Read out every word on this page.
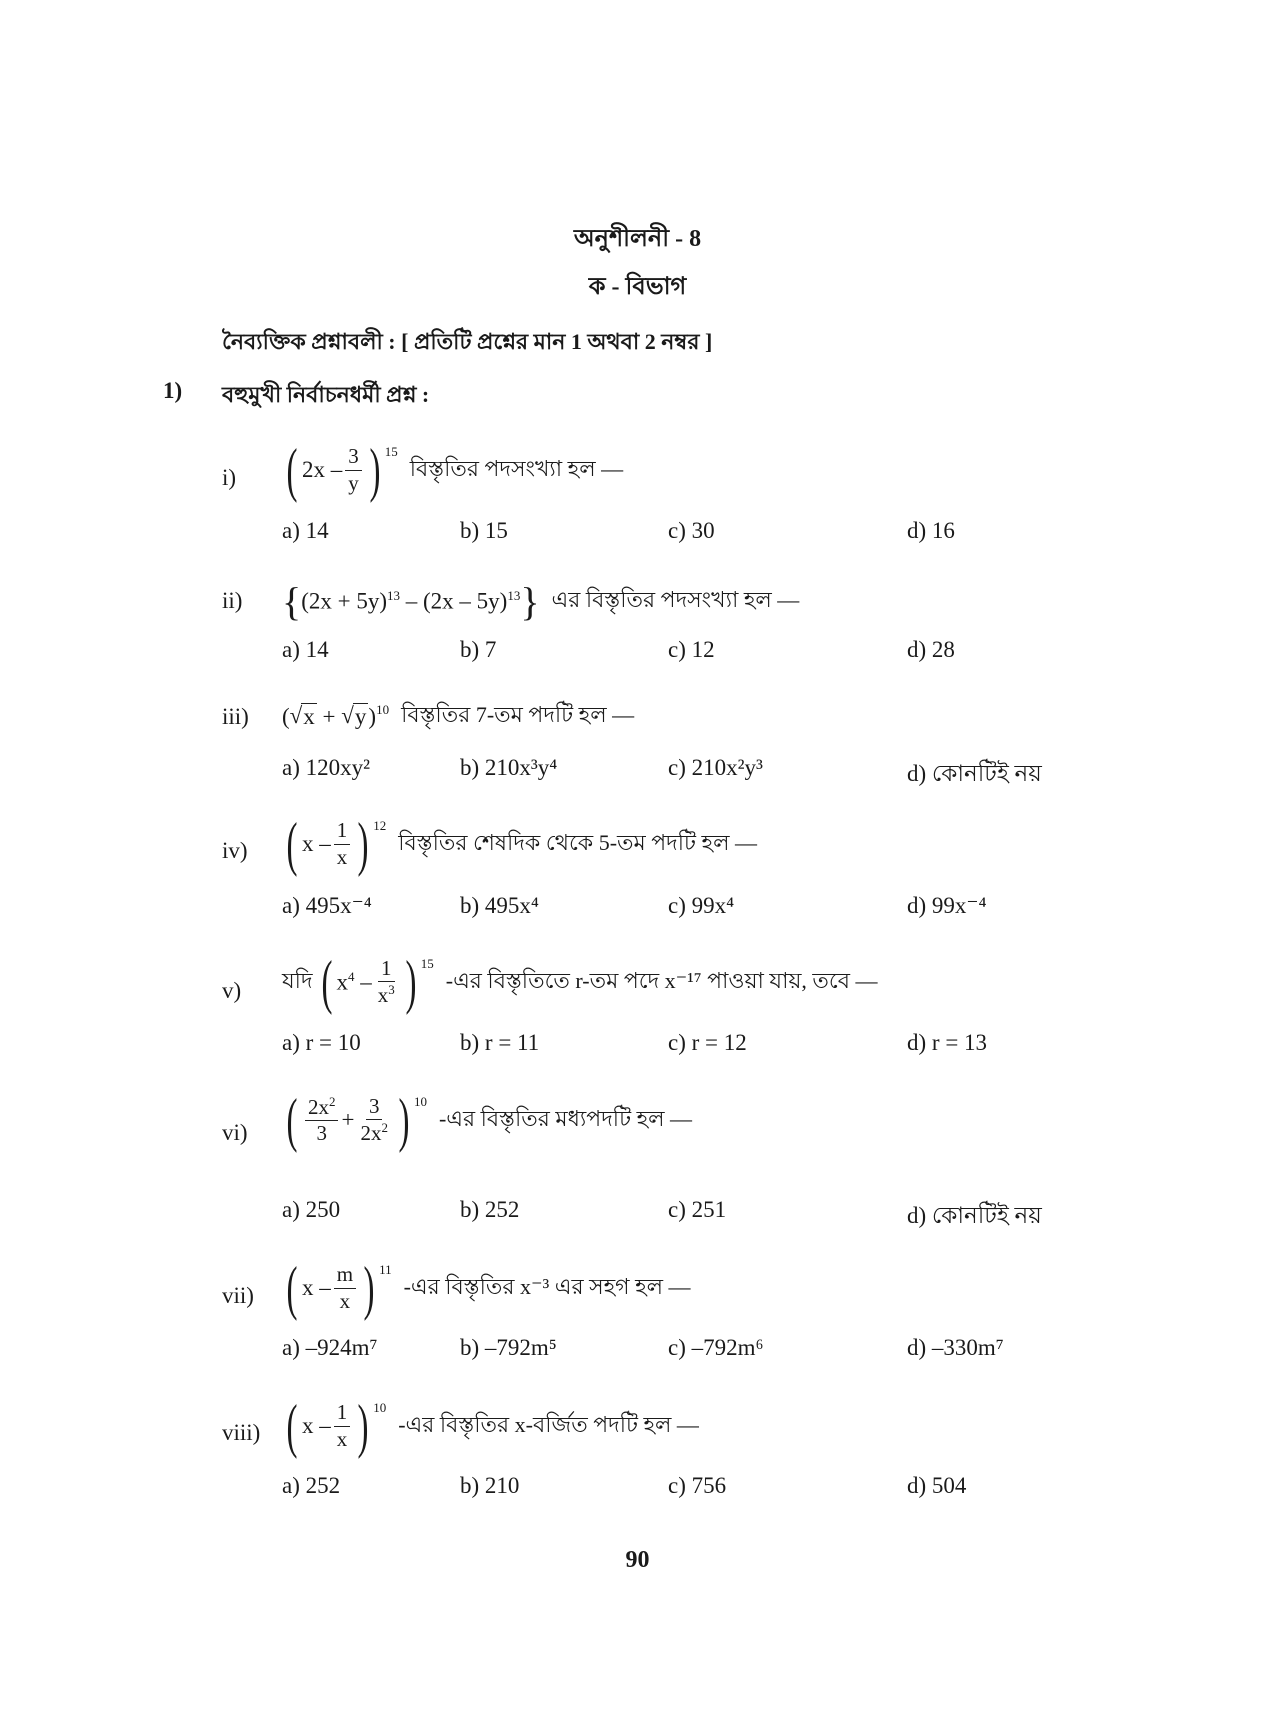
অনুশীলনী - 8
ক - বিভাগ
নৈব্যক্তিক প্রশ্নাবলী : [ প্রতিটি প্রশ্নের মান 1 অথবা 2 নম্বর ]
1) বহুমুখী নির্বাচনধর্মী প্রশ্ন :
i) ( $2x - \frac{3}{y}$ ) 15
বিস্তৃতির পদসংখ্যা হল —
a) 14	b) 15	c) 30	d) 16
ii) { $(2x + 5y)^{13} - (2x - 5y)^{13}$ } এর বিস্তৃতির পদসংখ্যা হল —
a) 14	b) 7	c) 12	d) 28
iii) ( √ x + √ y ) 10 বিস্তৃতির 7-তম পদটি হল —
a) 120xy²	b) 210x³y⁴	c) 210x²y³	d) কোনটিই নয়
iv) ( x – $\frac{1}{x}$ ) 12
বিস্তৃতির শেষদিক থেকে 5-তম পদটি হল —
a) 495x⁻⁴	b) 495x⁴	c) 99x⁴	d) 99x⁻⁴
v) যদি ( $x^4 - \frac{1}{x^3}$ ) 15
-এর বিস্তৃতিতে r-তম পদে x⁻¹⁷ পাওয়া যায়, তবে —
a) r = 10	b) r = 11	c) r = 12	d) r = 13
vi) ( $\frac{2x^2}{3} + \frac{3}{2x^2}$ ) 10
-এর বিস্তৃতির মধ্যপদটি হল —
a) 250	b) 252	c) 251	d) কোনটিই নয়
vii) ( x – $\frac{m}{x}$ ) 11
-এর বিস্তৃতির x⁻³ এর সহগ হল —
a) –924m⁷	b) –792m⁵	c) –792m⁶	d) –330m⁷
viii) ( x – $\frac{1}{x}$ ) 10
-এর বিস্তৃতির x-বর্জিত পদটি হল —
a) 252	b) 210	c) 756	d) 504
90
